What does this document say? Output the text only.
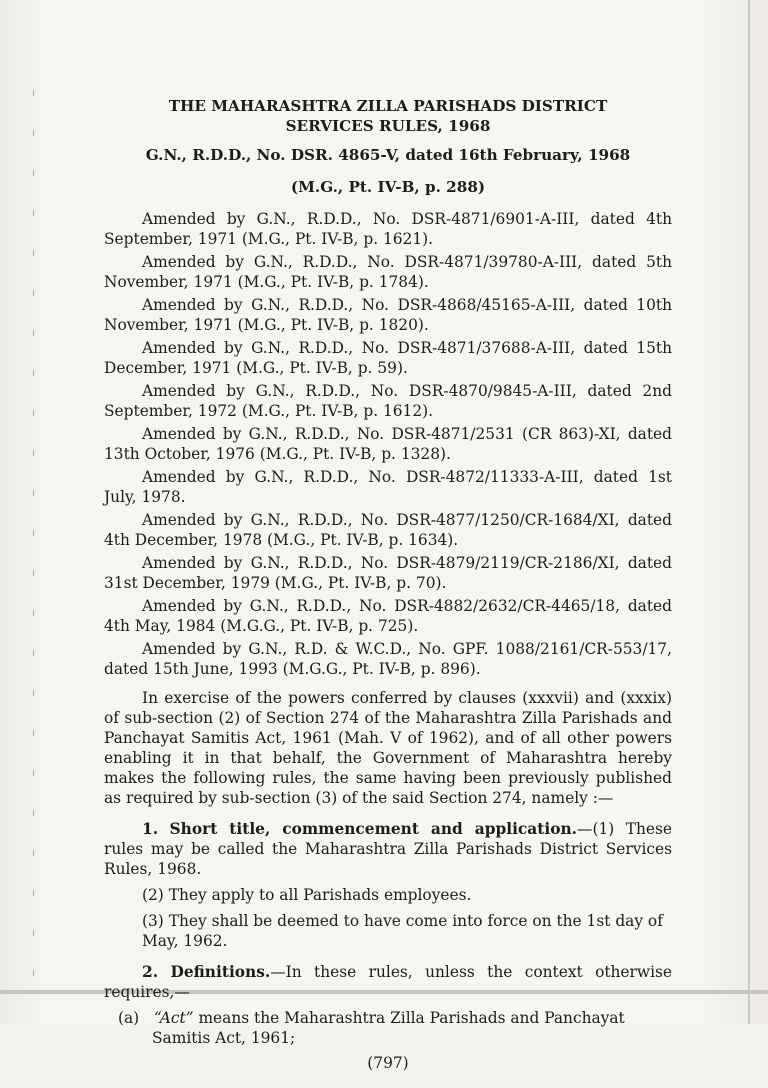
THE MAHARASHTRA ZILLA PARISHADS DISTRICT
SERVICES RULES, 1968

G.N., R.D.D., No. DSR. 4865-V, dated 16th February, 1968

(M.G., Pt. IV-B, p. 288)

Amended by G.N., R.D.D., No. DSR-4871/6901-A-III, dated 4th September, 1971 (M.G., Pt. IV-B, p. 1621).

Amended by G.N., R.D.D., No. DSR-4871/39780-A-III, dated 5th November, 1971 (M.G., Pt. IV-B, p. 1784).

Amended by G.N., R.D.D., No. DSR-4868/45165-A-III, dated 10th November, 1971 (M.G., Pt. IV-B, p. 1820).

Amended by G.N., R.D.D., No. DSR-4871/37688-A-III, dated 15th December, 1971 (M.G., Pt. IV-B, p. 59).

Amended by G.N., R.D.D., No. DSR-4870/9845-A-III, dated 2nd September, 1972 (M.G., Pt. IV-B, p. 1612).

Amended by G.N., R.D.D., No. DSR-4871/2531 (CR 863)-XI, dated 13th October, 1976 (M.G., Pt. IV-B, p. 1328).

Amended by G.N., R.D.D., No. DSR-4872/11333-A-III, dated 1st July, 1978.

Amended by G.N., R.D.D., No. DSR-4877/1250/CR-1684/XI, dated 4th December, 1978 (M.G., Pt. IV-B, p. 1634).

Amended by G.N., R.D.D., No. DSR-4879/2119/CR-2186/XI, dated 31st December, 1979 (M.G., Pt. IV-B, p. 70).

Amended by G.N., R.D.D., No. DSR-4882/2632/CR-4465/18, dated 4th May, 1984 (M.G.G., Pt. IV-B, p. 725).

Amended by G.N., R.D. & W.C.D., No. GPF. 1088/2161/CR-553/17, dated 15th June, 1993 (M.G.G., Pt. IV-B, p. 896).

In exercise of the powers conferred by clauses (xxxvii) and (xxxix) of sub-section (2) of Section 274 of the Maharashtra Zilla Parishads and Panchayat Samitis Act, 1961 (Mah. V of 1962), and of all other powers enabling it in that behalf, the Government of Maharashtra hereby makes the following rules, the same having been previously published as required by sub-section (3) of the said Section 274, namely :—

1. Short title, commencement and application.—(1) These rules may be called the Maharashtra Zilla Parishads District Services Rules, 1968.

(2) They apply to all Parishads employees.

(3) They shall be deemed to have come into force on the 1st day of May, 1962.

2. Definitions.—In these rules, unless the context otherwise requires,—

(a) “Act” means the Maharashtra Zilla Parishads and Panchayat Samitis Act, 1961;

(797)
